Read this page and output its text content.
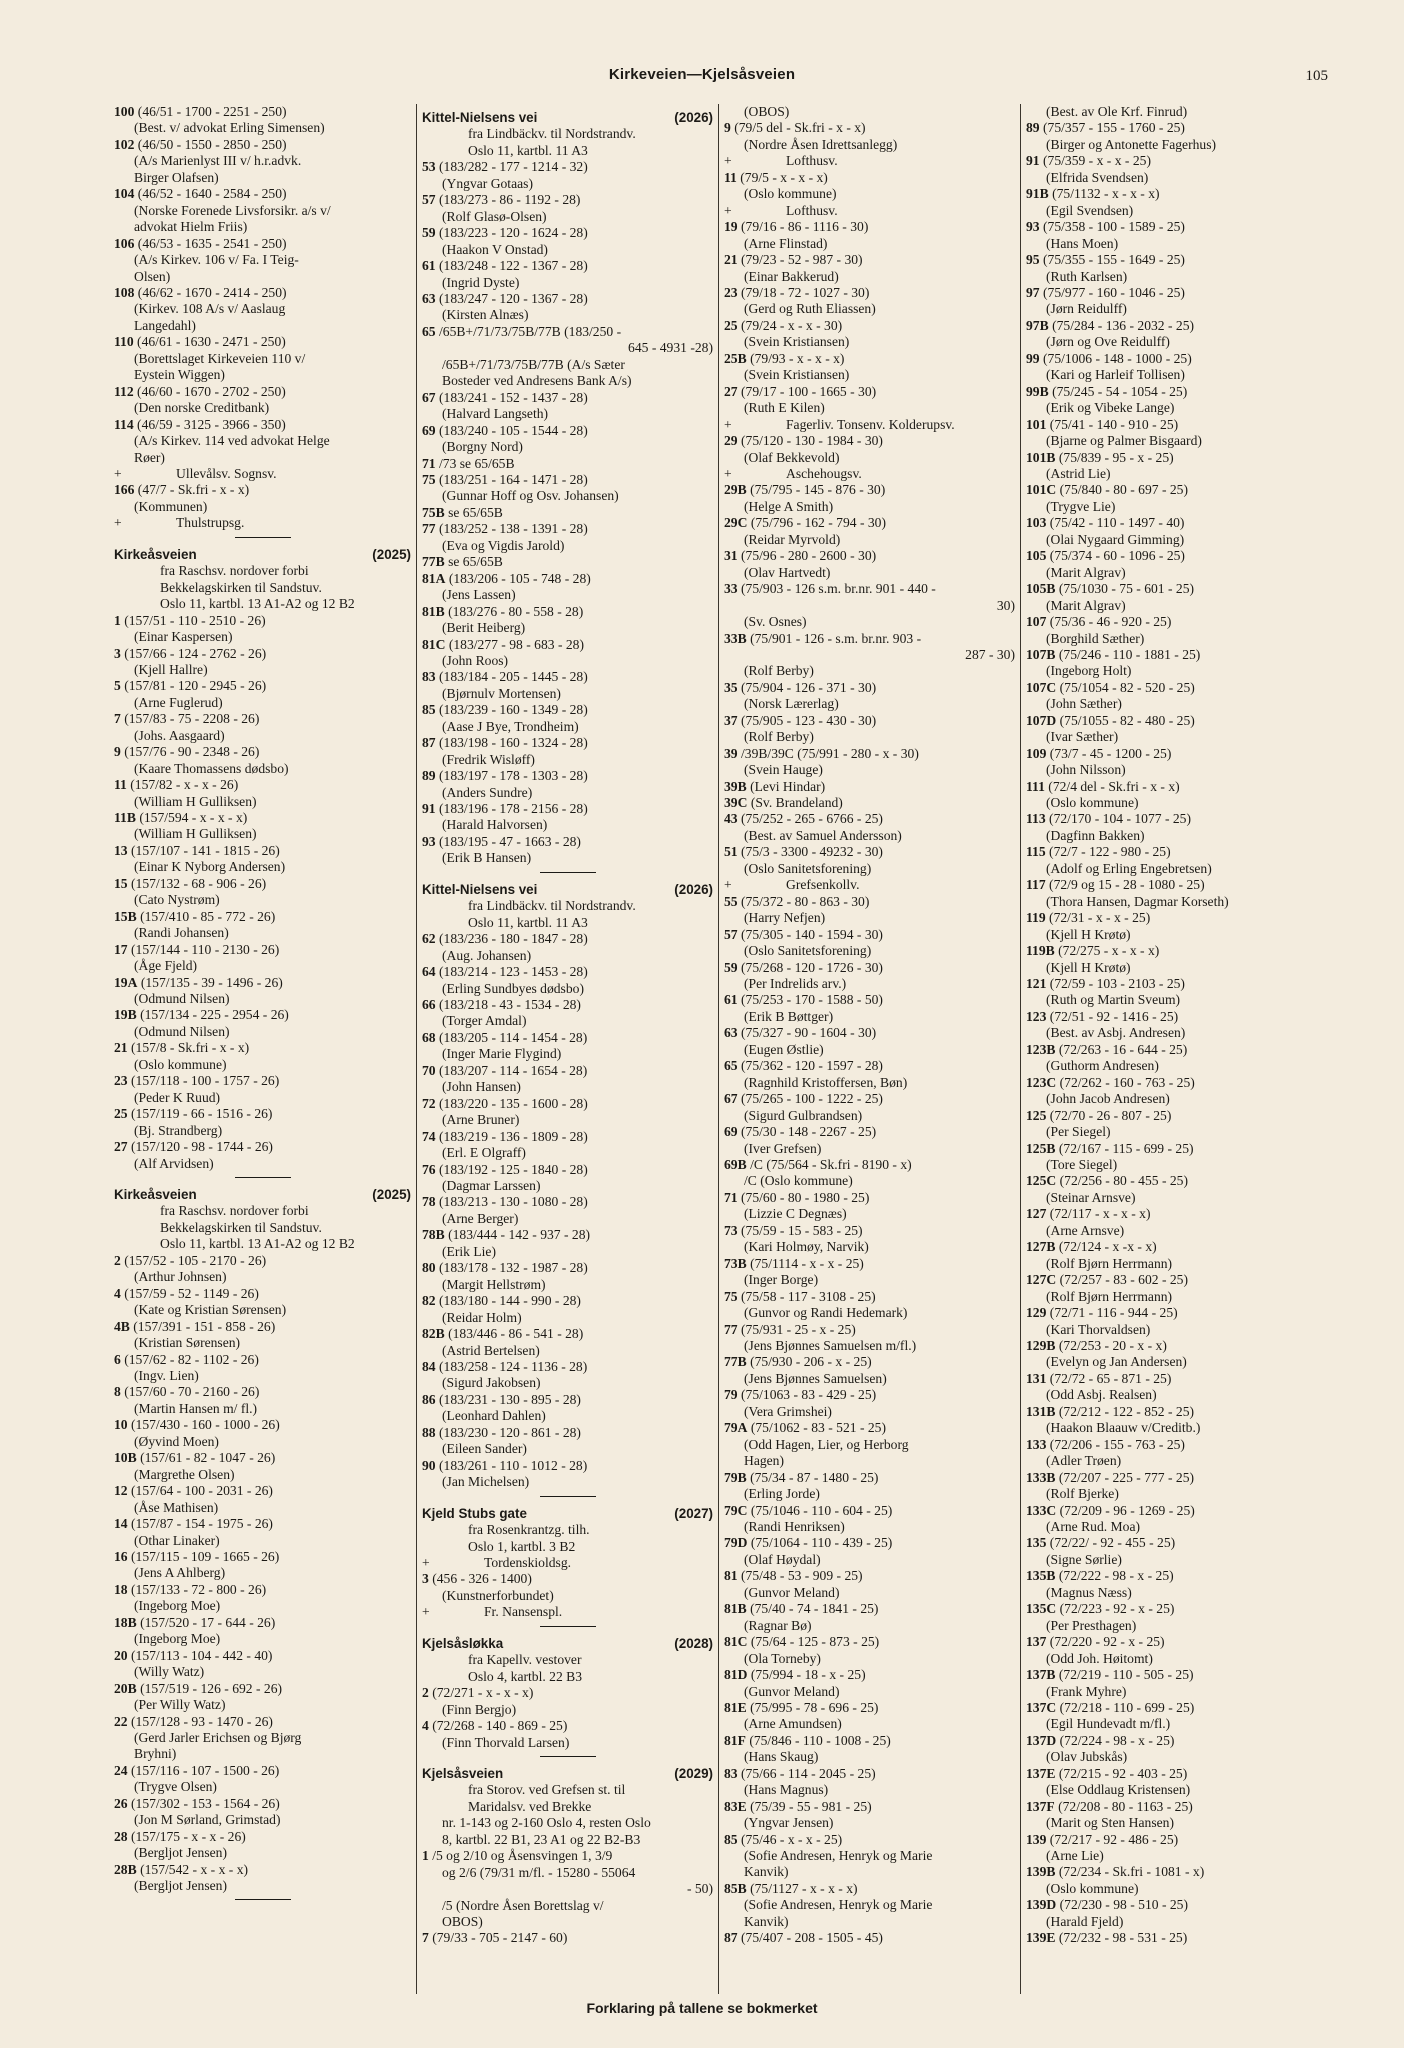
Kirkeveien—Kjelsåsveien	105
100 (46/51 - 1700 - 2251 - 250)
(Best. v/ advokat Erling Simensen)
102 (46/50 - 1550 - 2850 - 250)
(A/s Marienlyst III v/ h.r.advk.
Birger Olafsen)
104 (46/52 - 1640 - 2584 - 250)
(Norske Forenede Livsforsikr. a/s v/
advokat Hielm Friis)
106 (46/53 - 1635 - 2541 - 250)
(A/s Kirkev. 106 v/ Fa. I Teig-
Olsen)
108 (46/62 - 1670 - 2414 - 250)
(Kirkev. 108 A/s v/ Aaslaug
Langedahl)
110 (46/61 - 1630 - 2471 - 250)
(Borettslaget Kirkeveien 110 v/
Eystein Wiggen)
112 (46/60 - 1670 - 2702 - 250)
(Den norske Creditbank)
114 (46/59 - 3125 - 3966 - 350)
(A/s Kirkev. 114 ved advokat Helge
Røer)
+	Ullevålsv. Sognsv.
166 (47/7 - Sk.fri - x - x)
(Kommunen)
+	Thulstrupsg.
Kirkeåsveien	(2025)
fra Raschsv. nordover forbi
Bekkelagskirken til Sandstuv.
Oslo 11, kartbl. 13 A1-A2 og 12 B2
1 (157/51 - 110 - 2510 - 26)
(Einar Kaspersen)
3 (157/66 - 124 - 2762 - 26)
(Kjell Hallre)
5 (157/81 - 120 - 2945 - 26)
(Arne Fuglerud)
7 (157/83 - 75 - 2208 - 26)
(Johs. Aasgaard)
9 (157/76 - 90 - 2348 - 26)
(Kaare Thomassens dødsbo)
11 (157/82 - x - x - 26)
(William H Gulliksen)
11B (157/594 - x - x - x)
(William H Gulliksen)
13 (157/107 - 141 - 1815 - 26)
(Einar K Nyborg Andersen)
15 (157/132 - 68 - 906 - 26)
(Cato Nystrøm)
15B (157/410 - 85 - 772 - 26)
(Randi Johansen)
17 (157/144 - 110 - 2130 - 26)
(Åge Fjeld)
19A (157/135 - 39 - 1496 - 26)
(Odmund Nilsen)
19B (157/134 - 225 - 2954 - 26)
(Odmund Nilsen)
21 (157/8 - Sk.fri - x - x)
(Oslo kommune)
23 (157/118 - 100 - 1757 - 26)
(Peder K Ruud)
25 (157/119 - 66 - 1516 - 26)
(Bj. Strandberg)
27 (157/120 - 98 - 1744 - 26)
(Alf Arvidsen)
Kirkeåsveien	(2025)
fra Raschsv. nordover forbi
Bekkelagskirken til Sandstuv.
Oslo 11, kartbl. 13 A1-A2 og 12 B2
2 (157/52 - 105 - 2170 - 26)
(Arthur Johnsen)
4 (157/59 - 52 - 1149 - 26)
(Kate og Kristian Sørensen)
4B (157/391 - 151 - 858 - 26)
(Kristian Sørensen)
6 (157/62 - 82 - 1102 - 26)
(Ingv. Lien)
8 (157/60 - 70 - 2160 - 26)
(Martin Hansen m/ fl.)
10 (157/430 - 160 - 1000 - 26)
(Øyvind Moen)
10B (157/61 - 82 - 1047 - 26)
(Margrethe Olsen)
12 (157/64 - 100 - 2031 - 26)
(Åse Mathisen)
14 (157/87 - 154 - 1975 - 26)
(Othar Linaker)
16 (157/115 - 109 - 1665 - 26)
(Jens A Ahlberg)
18 (157/133 - 72 - 800 - 26)
(Ingeborg Moe)
18B (157/520 - 17 - 644 - 26)
(Ingeborg Moe)
20 (157/113 - 104 - 442 - 40)
(Willy Watz)
20B (157/519 - 126 - 692 - 26)
(Per Willy Watz)
22 (157/128 - 93 - 1470 - 26)
(Gerd Jarler Erichsen og Bjørg
Bryhni)
24 (157/116 - 107 - 1500 - 26)
(Trygve Olsen)
26 (157/302 - 153 - 1564 - 26)
(Jon M Sørland, Grimstad)
28 (157/175 - x - x - 26)
(Bergljot Jensen)
28B (157/542 - x - x - x)
(Bergljot Jensen)
Kittel-Nielsens vei	(2026)
fra Lindbäckv. til Nordstrandv.
Oslo 11, kartbl. 11 A3
53 (183/282 - 177 - 1214 - 32)
(Yngvar Gotaas)
57 (183/273 - 86 - 1192 - 28)
(Rolf Glasø-Olsen)
59 (183/223 - 120 - 1624 - 28)
(Haakon V Onstad)
61 (183/248 - 122 - 1367 - 28)
(Ingrid Dyste)
63 (183/247 - 120 - 1367 - 28)
(Kirsten Alnæs)
65 /65B+/71/73/75B/77B (183/250 -
645 - 4931 -28)
/65B+/71/73/75B/77B (A/s Sæter
Bosteder ved Andresens Bank A/s)
67 (183/241 - 152 - 1437 - 28)
(Halvard Langseth)
69 (183/240 - 105 - 1544 - 28)
(Borgny Nord)
71 /73 se 65/65B
75 (183/251 - 164 - 1471 - 28)
(Gunnar Hoff og Osv. Johansen)
75B se 65/65B
77 (183/252 - 138 - 1391 - 28)
(Eva og Vigdis Jarold)
77B se 65/65B
81A (183/206 - 105 - 748 - 28)
(Jens Lassen)
81B (183/276 - 80 - 558 - 28)
(Berit Heiberg)
81C (183/277 - 98 - 683 - 28)
(John Roos)
83 (183/184 - 205 - 1445 - 28)
(Bjørnulv Mortensen)
85 (183/239 - 160 - 1349 - 28)
(Aase J Bye, Trondheim)
87 (183/198 - 160 - 1324 - 28)
(Fredrik Wisløff)
89 (183/197 - 178 - 1303 - 28)
(Anders Sundre)
91 (183/196 - 178 - 2156 - 28)
(Harald Halvorsen)
93 (183/195 - 47 - 1663 - 28)
(Erik B Hansen)
Kittel-Nielsens vei	(2026)
fra Lindbäckv. til Nordstrandv.
Oslo 11, kartbl. 11 A3
62 (183/236 - 180 - 1847 - 28)
(Aug. Johansen)
64 (183/214 - 123 - 1453 - 28)
(Erling Sundbyes dødsbo)
66 (183/218 - 43 - 1534 - 28)
(Torger Amdal)
68 (183/205 - 114 - 1454 - 28)
(Inger Marie Flygind)
70 (183/207 - 114 - 1654 - 28)
(John Hansen)
72 (183/220 - 135 - 1600 - 28)
(Arne Bruner)
74 (183/219 - 136 - 1809 - 28)
(Erl. E Olgraff)
76 (183/192 - 125 - 1840 - 28)
(Dagmar Larssen)
78 (183/213 - 130 - 1080 - 28)
(Arne Berger)
78B (183/444 - 142 - 937 - 28)
(Erik Lie)
80 (183/178 - 132 - 1987 - 28)
(Margit Hellstrøm)
82 (183/180 - 144 - 990 - 28)
(Reidar Holm)
82B (183/446 - 86 - 541 - 28)
(Astrid Bertelsen)
84 (183/258 - 124 - 1136 - 28)
(Sigurd Jakobsen)
86 (183/231 - 130 - 895 - 28)
(Leonhard Dahlen)
88 (183/230 - 120 - 861 - 28)
(Eileen Sander)
90 (183/261 - 110 - 1012 - 28)
(Jan Michelsen)
Kjeld Stubs gate	(2027)
fra Rosenkrantzg. tilh.
Oslo 1, kartbl. 3 B2
+	Tordenskioldsg.
3 (456 - 326 - 1400)
(Kunstnerforbundet)
+	Fr. Nansenspl.
Kjelsåsløkka	(2028)
fra Kapellv. vestover
Oslo 4, kartbl. 22 B3
2 (72/271 - x - x - x)
(Finn Bergjo)
4 (72/268 - 140 - 869 - 25)
(Finn Thorvald Larsen)
Kjelsåsveien	(2029)
fra Storov. ved Grefsen st. til
Maridalsv. ved Brekke
nr. 1-143 og 2-160 Oslo 4, resten Oslo
8, kartbl. 22 B1, 23 A1 og 22 B2-B3
1 /5 og 2/10 og Åsensvingen 1, 3/9
og 2/6 (79/31 m/fl. - 15280 - 55064
- 50)
/5 (Nordre Åsen Borettslag v/
OBOS)
7 (79/33 - 705 - 2147 - 60)
(OBOS)
9 (79/5 del - Sk.fri - x - x)
(Nordre Åsen Idrettsanlegg)
+	Lofthusv.
11 (79/5 - x - x - x)
(Oslo kommune)
+	Lofthusv.
19 (79/16 - 86 - 1116 - 30)
(Arne Flinstad)
21 (79/23 - 52 - 987 - 30)
(Einar Bakkerud)
23 (79/18 - 72 - 1027 - 30)
(Gerd og Ruth Eliassen)
25 (79/24 - x - x - 30)
(Svein Kristiansen)
25B (79/93 - x - x - x)
(Svein Kristiansen)
27 (79/17 - 100 - 1665 - 30)
(Ruth E Kilen)
+	Fagerliv. Tonsenv. Kolderupsv.
29 (75/120 - 130 - 1984 - 30)
(Olaf Bekkevold)
+	Aschehougsv.
29B (75/795 - 145 - 876 - 30)
(Helge A Smith)
29C (75/796 - 162 - 794 - 30)
(Reidar Myrvold)
31 (75/96 - 280 - 2600 - 30)
(Olav Hartvedt)
33 (75/903 - 126 s.m. br.nr. 901 - 440 -
30)
(Sv. Osnes)
33B (75/901 - 126 - s.m. br.nr. 903 -
287 - 30)
(Rolf Berby)
35 (75/904 - 126 - 371 - 30)
(Norsk Lærerlag)
37 (75/905 - 123 - 430 - 30)
(Rolf Berby)
39 /39B/39C (75/991 - 280 - x - 30)
(Svein Hauge)
39B (Levi Hindar)
39C (Sv. Brandeland)
43 (75/252 - 265 - 6766 - 25)
(Best. av Samuel Andersson)
51 (75/3 - 3300 - 49232 - 30)
(Oslo Sanitetsforening)
+	Grefsenkollv.
55 (75/372 - 80 - 863 - 30)
(Harry Nefjen)
57 (75/305 - 140 - 1594 - 30)
(Oslo Sanitetsforening)
59 (75/268 - 120 - 1726 - 30)
(Per Indrelids arv.)
61 (75/253 - 170 - 1588 - 50)
(Erik B Bøttger)
63 (75/327 - 90 - 1604 - 30)
(Eugen Østlie)
65 (75/362 - 120 - 1597 - 28)
(Ragnhild Kristoffersen, Bøn)
67 (75/265 - 100 - 1222 - 25)
(Sigurd Gulbrandsen)
69 (75/30 - 148 - 2267 - 25)
(Iver Grefsen)
69B /C (75/564 - Sk.fri - 8190 - x)
/C (Oslo kommune)
71 (75/60 - 80 - 1980 - 25)
(Lizzie C Degnæs)
73 (75/59 - 15 - 583 - 25)
(Kari Holmøy, Narvik)
73B (75/1114 - x - x - 25)
(Inger Borge)
75 (75/58 - 117 - 3108 - 25)
(Gunvor og Randi Hedemark)
77 (75/931 - 25 - x - 25)
(Jens Bjønnes Samuelsen m/fl.)
77B (75/930 - 206 - x - 25)
(Jens Bjønnes Samuelsen)
79 (75/1063 - 83 - 429 - 25)
(Vera Grimshei)
79A (75/1062 - 83 - 521 - 25)
(Odd Hagen, Lier, og Herborg
Hagen)
79B (75/34 - 87 - 1480 - 25)
(Erling Jorde)
79C (75/1046 - 110 - 604 - 25)
(Randi Henriksen)
79D (75/1064 - 110 - 439 - 25)
(Olaf Høydal)
81 (75/48 - 53 - 909 - 25)
(Gunvor Meland)
81B (75/40 - 74 - 1841 - 25)
(Ragnar Bø)
81C (75/64 - 125 - 873 - 25)
(Ola Torneby)
81D (75/994 - 18 - x - 25)
(Gunvor Meland)
81E (75/995 - 78 - 696 - 25)
(Arne Amundsen)
81F (75/846 - 110 - 1008 - 25)
(Hans Skaug)
83 (75/66 - 114 - 2045 - 25)
(Hans Magnus)
83E (75/39 - 55 - 981 - 25)
(Yngvar Jensen)
85 (75/46 - x - x - 25)
(Sofie Andresen, Henryk og Marie
Kanvik)
85B (75/1127 - x - x - x)
(Sofie Andresen, Henryk og Marie
Kanvik)
87 (75/407 - 208 - 1505 - 45)
(Best. av Ole Krf. Finrud)
89 (75/357 - 155 - 1760 - 25)
(Birger og Antonette Fagerhus)
91 (75/359 - x - x - 25)
(Elfrida Svendsen)
91B (75/1132 - x - x - x)
(Egil Svendsen)
93 (75/358 - 100 - 1589 - 25)
(Hans Moen)
95 (75/355 - 155 - 1649 - 25)
(Ruth Karlsen)
97 (75/977 - 160 - 1046 - 25)
(Jørn Reidulff)
97B (75/284 - 136 - 2032 - 25)
(Jørn og Ove Reidulff)
99 (75/1006 - 148 - 1000 - 25)
(Kari og Harleif Tollisen)
99B (75/245 - 54 - 1054 - 25)
(Erik og Vibeke Lange)
101 (75/41 - 140 - 910 - 25)
(Bjarne og Palmer Bisgaard)
101B (75/839 - 95 - x - 25)
(Astrid Lie)
101C (75/840 - 80 - 697 - 25)
(Trygve Lie)
103 (75/42 - 110 - 1497 - 40)
(Olai Nygaard Gimming)
105 (75/374 - 60 - 1096 - 25)
(Marit Algrav)
105B (75/1030 - 75 - 601 - 25)
(Marit Algrav)
107 (75/36 - 46 - 920 - 25)
(Borghild Sæther)
107B (75/246 - 110 - 1881 - 25)
(Ingeborg Holt)
107C (75/1054 - 82 - 520 - 25)
(John Sæther)
107D (75/1055 - 82 - 480 - 25)
(Ivar Sæther)
109 (73/7 - 45 - 1200 - 25)
(John Nilsson)
111 (72/4 del - Sk.fri - x - x)
(Oslo kommune)
113 (72/170 - 104 - 1077 - 25)
(Dagfinn Bakken)
115 (72/7 - 122 - 980 - 25)
(Adolf og Erling Engebretsen)
117 (72/9 og 15 - 28 - 1080 - 25)
(Thora Hansen, Dagmar Korseth)
119 (72/31 - x - x - 25)
(Kjell H Krøtø)
119B (72/275 - x - x - x)
(Kjell H Krøtø)
121 (72/59 - 103 - 2103 - 25)
(Ruth og Martin Sveum)
123 (72/51 - 92 - 1416 - 25)
(Best. av Asbj. Andresen)
123B (72/263 - 16 - 644 - 25)
(Guthorm Andresen)
123C (72/262 - 160 - 763 - 25)
(John Jacob Andresen)
125 (72/70 - 26 - 807 - 25)
(Per Siegel)
125B (72/167 - 115 - 699 - 25)
(Tore Siegel)
125C (72/256 - 80 - 455 - 25)
(Steinar Arnsve)
127 (72/117 - x - x - x)
(Arne Arnsve)
127B (72/124 - x -x - x)
(Rolf Bjørn Herrmann)
127C (72/257 - 83 - 602 - 25)
(Rolf Bjørn Herrmann)
129 (72/71 - 116 - 944 - 25)
(Kari Thorvaldsen)
129B (72/253 - 20 - x - x)
(Evelyn og Jan Andersen)
131 (72/72 - 65 - 871 - 25)
(Odd Asbj. Realsen)
131B (72/212 - 122 - 852 - 25)
(Haakon Blaauw v/Creditb.)
133 (72/206 - 155 - 763 - 25)
(Adler Trøen)
133B (72/207 - 225 - 777 - 25)
(Rolf Bjerke)
133C (72/209 - 96 - 1269 - 25)
(Arne Rud. Moa)
135 (72/22/ - 92 - 455 - 25)
(Signe Sørlie)
135B (72/222 - 98 - x - 25)
(Magnus Næss)
135C (72/223 - 92 - x - 25)
(Per Presthagen)
137 (72/220 - 92 - x - 25)
(Odd Joh. Høitomt)
137B (72/219 - 110 - 505 - 25)
(Frank Myhre)
137C (72/218 - 110 - 699 - 25)
(Egil Hundevadt m/fl.)
137D (72/224 - 98 - x - 25)
(Olav Jubskås)
137E (72/215 - 92 - 403 - 25)
(Else Oddlaug Kristensen)
137F (72/208 - 80 - 1163 - 25)
(Marit og Sten Hansen)
139 (72/217 - 92 - 486 - 25)
(Arne Lie)
139B (72/234 - Sk.fri - 1081 - x)
(Oslo kommune)
139D (72/230 - 98 - 510 - 25)
(Harald Fjeld)
139E (72/232 - 98 - 531 - 25)
Forklaring på tallene se bokmerket
